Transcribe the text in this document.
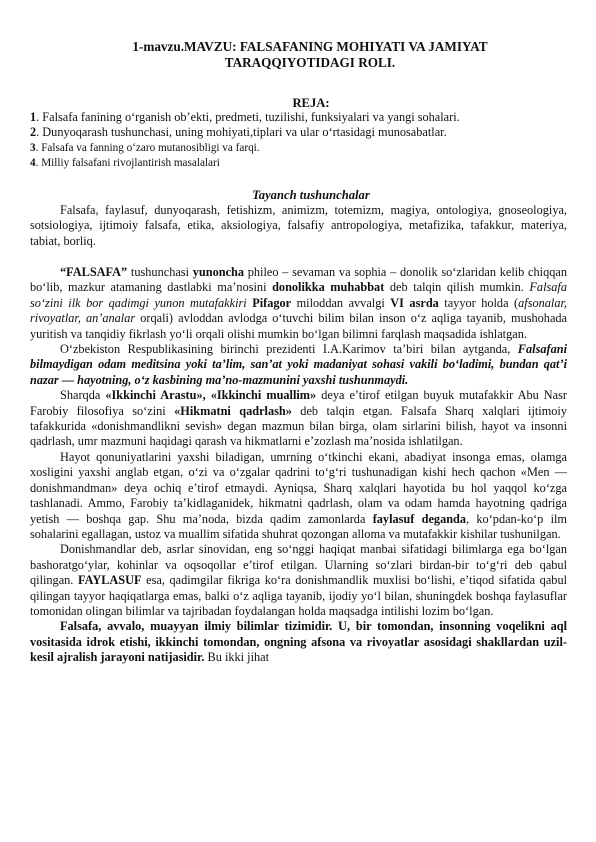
1-mavzu.MAVZU: FALSAFANING MOHIYATI VA JAMIYAT
TARAQQIYOTIDAGI ROLI.
REJA:
1. Falsafa fanining o‘rganish ob’ekti, predmeti, tuzilishi, funksiyalari va yangi sohalari.
2. Dunyoqarash tushunchasi, uning mohiyati,tiplari va ular o‘rtasidagi munosabatlar.
3. Falsafa va fanning o‘zaro mutanosibligi va farqi.
4. Milliy falsafani rivojlantirish masalalari
Tayanch tushunchalar
Falsafa, faylasuf, dunyoqarash, fetishizm, animizm, totemizm, magiya, ontologiya, gnoseologiya, sotsiologiya, ijtimoiy falsafa, etika, aksiologiya, falsafiy antropologiya, metafizika, tafakkur, materiya, tabiat, borliq.

“FALSAFA” tushunchasi yunoncha phileo – sevaman va sophia – donolik so‘zlaridan kelib chiqqan bo‘lib, mazkur atamaning dastlabki ma’nosini donolikka muhabbat deb talqin qilish mumkin. Falsafa so‘zini ilk bor qadimgi yunon mutafakkiri Pifagor miloddan avvalgi VI asrda tayyor holda (afsonalar, rivoyatlar, an’analar orqali) avloddan avlodga o‘tuvchi bilim bilan inson o‘z aqliga tayanib, mushohada yuritish va tanqidiy fikrlash yo‘li orqali olishi mumkin bo‘lgan bilimni farqlash maqsadida ishlatgan.

O‘zbekiston Respublikasining birinchi prezidenti I.A.Karimov ta’biri bilan aytganda, Falsafani bilmaydigan odam meditsina yoki ta’lim, san’at yoki madaniyat sohasi vakili bo‘ladimi, bundan qat’i nazar — hayotning, o‘z kasbining ma’no-mazmunini yaxshi tushunmaydi.

Sharqda «Ikkinchi Arastu», «Ikkinchi muallim» deya e’tirof etilgan buyuk mutafakkir Abu Nasr Farobiy filosofiya so‘zini «Hikmatni qadrlash» deb talqin etgan. Falsafa Sharq xalqlari ijtimoiy tafakkurida «donishmandlikni sevish» degan mazmun bilan birga, olam sirlarini bilish, hayot va insonni qadrlash, umr mazmuni haqidagi qarash va hikmatlarni e’zozlash ma’nosida ishlatilgan.

Hayot qonuniyatlarini yaxshi biladigan, umrning o‘tkinchi ekani, abadiyat insonga emas, olamga xosligini yaxshi anglab etgan, o‘zi va o‘zgalar qadrini to‘g‘ri tushunadigan kishi hech qachon «Men — donishmandman» deya ochiq e’tirof etmaydi. Ayniqsa, Sharq xalqlari hayotida bu hol yaqqol ko‘zga tashlanadi. Ammo, Farobiy ta’kidlaganidek, hikmatni qadrlash, olam va odam hamda hayotning qadriga yetish — boshqa gap. Shu ma’noda, bizda qadim zamonlarda faylasuf deganda, ko‘pdan-ko‘p ilm sohalarini egallagan, ustoz va muallim sifatida shuhrat qozongan alloma va mutafakkir kishilar tushunilgan.

Donishmandlar deb, asrlar sinovidan, eng so‘nggi haqiqat manbai sifatidagi bilimlarga ega bo‘lgan bashoratgo‘ylar, kohinlar va oqsoqollar e’tirof etilgan. Ularning so‘zlari birdan-bir to‘g‘ri deb qabul qilingan. FAYLASUF esa, qadimgilar fikriga ko‘ra donishmandlik muxlisi bo‘lishi, e’tiqod sifatida qabul qilingan tayyor haqiqatlarga emas, balki o‘z aqliga tayanib, ijodiy yo‘l bilan, shuningdek boshqa faylasuflar tomonidan olingan bilimlar va tajribadan foydalangan holda maqsadga intilishi lozim bo‘lgan.

Falsafa, avvalo, muayyan ilmiy bilimlar tizimidir. U, bir tomondan, insonning voqelikni aql vositasida idrok etishi, ikkinchi tomondan, ongning afsona va rivoyatlar asosidagi shakllardan uzil-kesil ajralish jarayoni natijasidir. Bu ikki jihat
